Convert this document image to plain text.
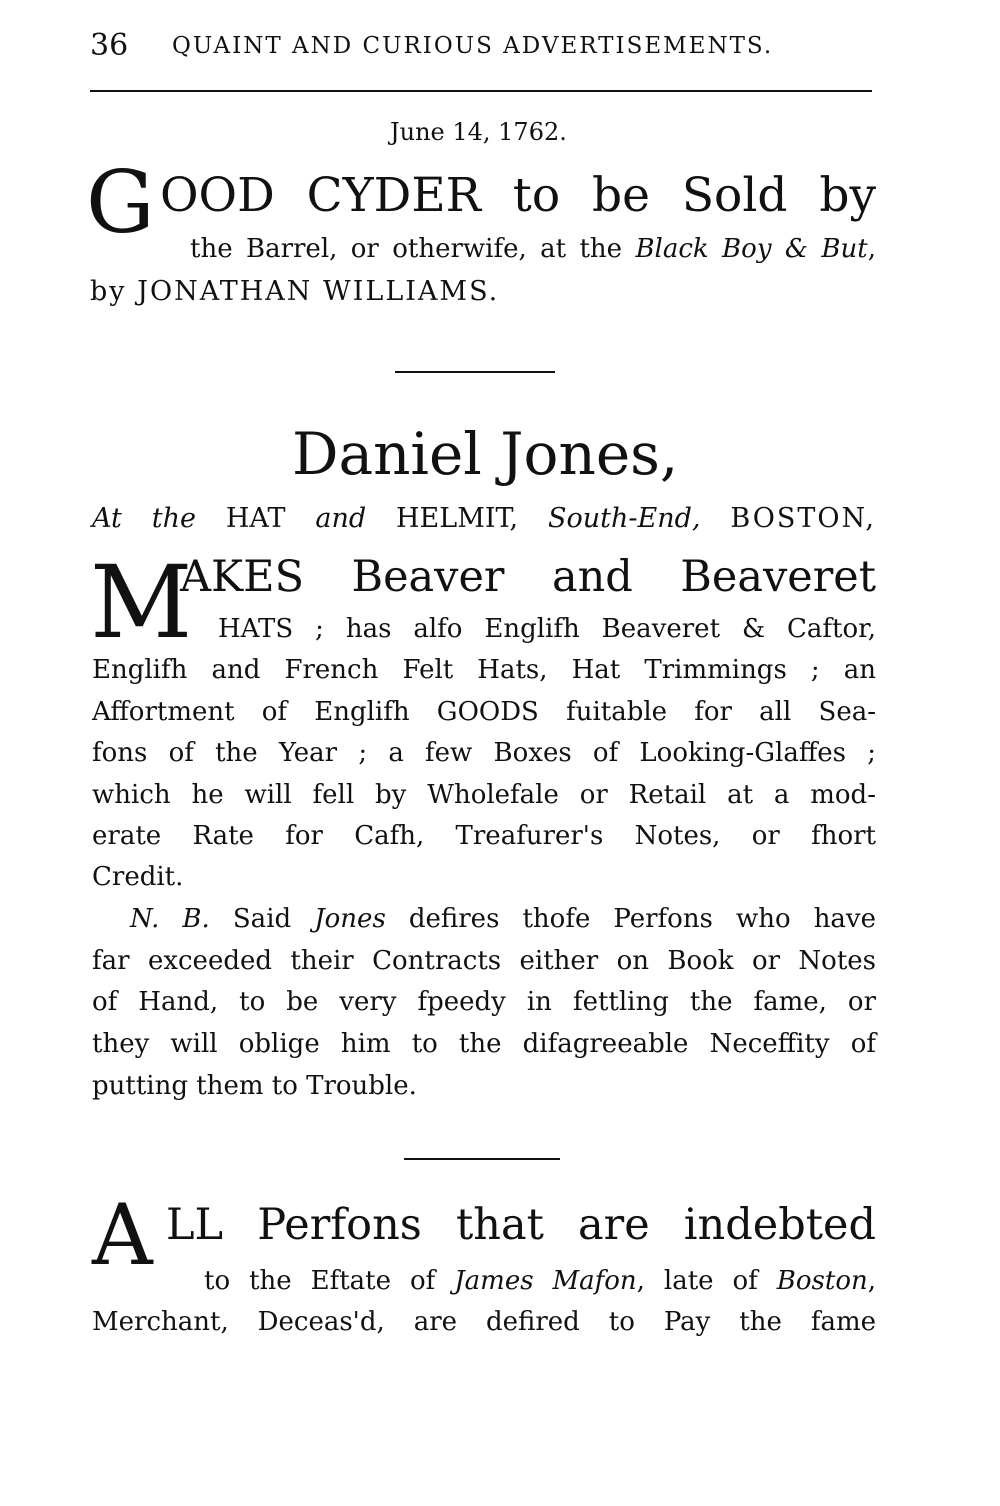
36 QUAINT AND CURIOUS ADVERTISEMENTS.
June 14, 1762.
G OOD CYDER to be Sold by
the Barrel, or otherwife, at the Black Boy & But,
by JONATHAN WILLIAMS.
Daniel Jones,
At the HAT and HELMIT, South-End, BOSTON,
M
AKES Beaver and Beaveret
HATS ; has alfo Englifh Beaveret & Caftor,
Englifh and French Felt Hats, Hat Trimmings ; an
Affortment of Englifh GOODS fuitable for all Sea-
fons of the Year ; a few Boxes of Looking-Glaffes ;
which he will fell by Wholefale or Retail at a mod-
erate Rate for Cafh, Treafurer's Notes, or fhort
Credit.
N. B. Said Jones defires thofe Perfons who have
far exceeded their Contracts either on Book or Notes
of Hand, to be very fpeedy in fettling the fame, or
they will oblige him to the difagreeable Neceffity of
putting them to Trouble.
A LL Perfons that are indebted
to the Eftate of James Mafon, late of Boston,
Merchant, Deceas'd, are defired to Pay the fame
